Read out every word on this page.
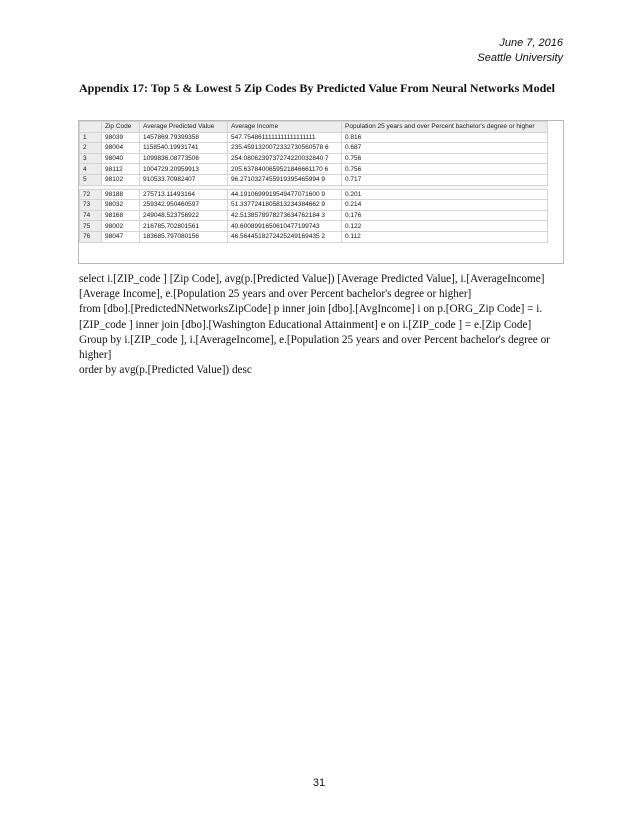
June 7, 2016
Seattle University
Appendix 17: Top 5 & Lowest 5 Zip Codes By Predicted Value From Neural Networks Model
	Zip Code	Average Predicted Value	Average Income	Population 25 years and over Percent bachelor's degree or higher
1	98039	1457869.79399358	547.7548611111111111111111	0.816
2	98004	1158540.19931741	235.4591320072332730560578 6	0.687
3	98040	1099836.08773506	254.0806239737274220032840 7	0.756
4	98112	1004729.20959913	205.6378400659521846661170 6	0.756
5	98102	910533.70982407	96.2710327455919395465994 9	0.717

72	98188	275713.11493164	44.1910699919549477071600 9	0.201
73	98032	259342.950460597	51.3377241805813234384662 9	0.214
74	98168	249048.523756922	42.5138578978273634762184 3	0.176
75	98002	216785.702801561	40.6008991650610477199743	0.122
76	98047	183685.797080156	46.5644518272425249169435 2	0.112

select i.[ZIP_code ] [Zip Code], avg(p.[Predicted Value]) [Average Predicted Value], i.[AverageIncome] [Average Income], e.[Population 25 years and over Percent bachelor's degree or higher]

from [dbo].[PredictedNNetworksZipCode] p inner join [dbo].[AvgIncome] i on p.[ORG_Zip Code] = i.[ZIP_code ] inner join [dbo].[Washington Educational Attainment] e on i.[ZIP_code ] = e.[Zip Code]

Group by i.[ZIP_code ], i.[AverageIncome], e.[Population 25 years and over Percent bachelor's degree or higher]

order by avg(p.[Predicted Value]) desc

31
